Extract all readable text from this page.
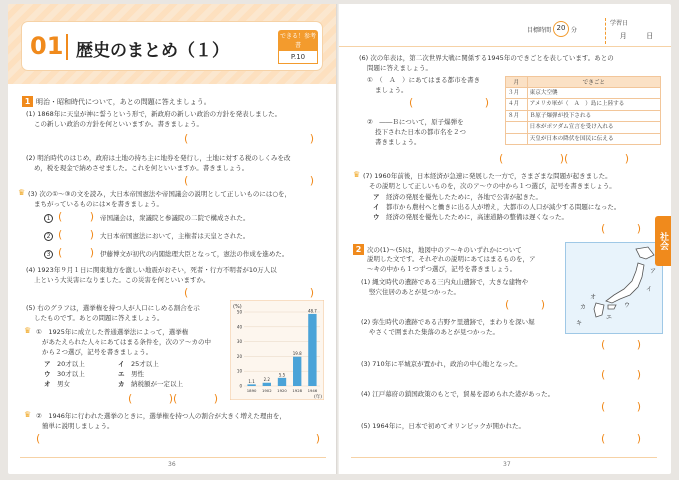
01 歴史のまとめ（１）
できる！参考書
P.10
1 明治・昭和時代について，あとの問題に答えましょう。
(1) 1868年に天皇が神に誓うという形で，新政府の新しい政治の方針を発表しました。
この新しい政治の方針を何といいますか。書きましょう。
(	)
(2) 明治時代のはじめ，政府は土地の持ち主に地券を発行し，土地に対する税のしくみを改
め，税を現金で納めさせました。これを何といいますか。書きましょう。
(	)
♛ (3) 次の①～③の文を読み，大日本帝国憲法や帝国議会の説明として正しいものには○を，
まちがっているものには×を書きましょう。
1 ( ) 帝国議会は，衆議院と参議院の二院で構成された。
2 ( ) 大日本帝国憲法において，主権者は天皇とされた。
3 ( ) 伊藤博文が初代の内閣総理大臣となって，憲法の作成を進めた。
(4) 1923年９月１日に関東地方を激しい地震がおそい，死者・行方不明者が10万人以
上という大災害になりました。この災害を何といいますか。
(	)
(5) 右のグラフは，選挙権を持つ人が人口にしめる割合を示
したものです。あとの問題に答えましょう。
♛ ①　1925年に成立した普通選挙法によって，選挙権
があたえられた人々にあてはまる条件を，次のア～カの中
から２つ選び，記号を書きましょう。
ア　 20才以上	イ　 25才以上
ウ　 30才以上	エ　 男性
オ　 男女	カ　 納税額が一定以上
(	)(	)
♛ ②　1946年に行われた選挙のときに，選挙権を持つ人の割合が大きく増えた理由を，
簡単に説明しましょう。
(	)
(%)
0
10
20
30
40
50
1.1 2.2
5.5
19.8
48.7
1890 1902 1920 1928 1946
(年)
36
目標時間 20 分
学習日
月	日
(6) 次の年表は，第二次世界大戦に関係する1945年のできごとを表しています。あとの
問題に答えましょう。
①　（　Ａ　）にあてはまる都市を書き
ましょう。
(	)
②　――Ｂについて，原子爆弾を
投下された日本の都市名を２つ
書きましょう。
(	)(	)
月	できごと
３月	東京大空襲
４月	アメリカ軍が（　Ａ　）島に上陸する
８月	Ｂ原子爆弾が投下される
	日本がポツダム宣言を受け入れる
	天皇が日本の降伏を国民に伝える
♛ (7) 1960年前後，日本経済が急速に発展した一方で，さまざまな問題が起きました。
その説明として正しいものを，次のア～ウの中から１つ選び，記号を書きましょう。
ア　 経済の発展を優先したために，各地で公害が起きた。
イ　 都市から農村へと働きに出る人が増え，大都市の人口が減少する問題になった。
ウ　 経済の発展を優先したために，高速道路の整備は遅くなった。
(	)
2 次の(1)～(5)は，地図中のア～キのいずれかについて
説明した文です。それぞれの説明にあてはまるものを，ア
～キの中から１つずつ選び，記号を書きましょう。
(1) 縄文時代の遺跡である三内丸山遺跡で，大きな建物や
竪穴住居のあとが見つかった。
(	)
(2) 弥生時代の遺跡である吉野ケ里遺跡で，まわりを深い堀
やさくで囲まれた集落のあとが見つかった。
(	)
(3) 710年に平城京が置かれ，政治の中心地となった。
(	)
(4) 江戸幕府の鎖国政策のもとで，貿易を認められた港があった。
(	)
(5) 1964年に，日本で初めてオリンピックが開かれた。
(	)
ア
イ
ウ
エ
オ
カ
キ
社会
37
